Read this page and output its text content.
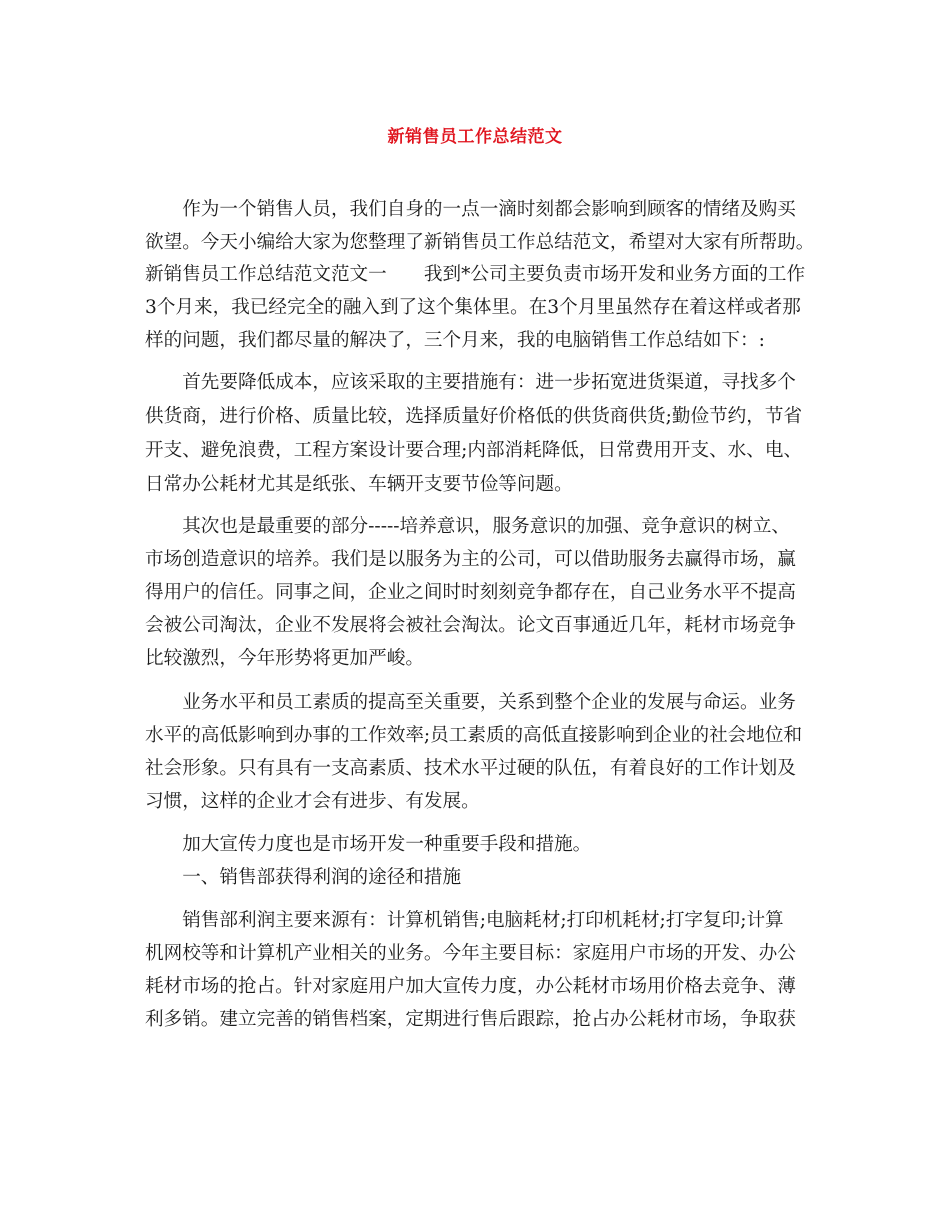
新销售员工作总结范文
　　作为一个销售人员，我们自身的一点一滴时刻都会影响到顾客的情绪及购买
欲望。今天小编给大家为您整理了新销售员工作总结范文，希望对大家有所帮助。
新销售员工作总结范文范文一　　我到*公司主要负责市场开发和业务方面的工作
3个月来，我已经完全的融入到了这个集体里。在3个月里虽然存在着这样或者那
样的问题，我们都尽量的解决了，三个月来，我的电脑销售工作总结如下：:
　　首先要降低成本，应该采取的主要措施有：进一步拓宽进货渠道，寻找多个
供货商，进行价格、质量比较，选择质量好价格低的供货商供货;勤俭节约，节省
开支、避免浪费，工程方案设计要合理;内部消耗降低，日常费用开支、水、电、
日常办公耗材尤其是纸张、车辆开支要节俭等问题。
　　其次也是最重要的部分-----培养意识，服务意识的加强、竞争意识的树立、
市场创造意识的培养。我们是以服务为主的公司，可以借助服务去赢得市场，赢
得用户的信任。同事之间，企业之间时时刻刻竞争都存在，自己业务水平不提高
会被公司淘汰，企业不发展将会被社会淘汰。论文百事通近几年，耗材市场竞争
比较激烈，今年形势将更加严峻。
　　业务水平和员工素质的提高至关重要，关系到整个企业的发展与命运。业务
水平的高低影响到办事的工作效率;员工素质的高低直接影响到企业的社会地位和
社会形象。只有具有一支高素质、技术水平过硬的队伍，有着良好的工作计划及
习惯，这样的企业才会有进步、有发展。
　　加大宣传力度也是市场开发一种重要手段和措施。
　　一、销售部获得利润的途径和措施
　　销售部利润主要来源有：计算机销售;电脑耗材;打印机耗材;打字复印;计算
机网校等和计算机产业相关的业务。今年主要目标：家庭用户市场的开发、办公
耗材市场的抢占。针对家庭用户加大宣传力度，办公耗材市场用价格去竞争、薄
利多销。建立完善的销售档案，定期进行售后跟踪，抢占办公耗材市场，争取获
